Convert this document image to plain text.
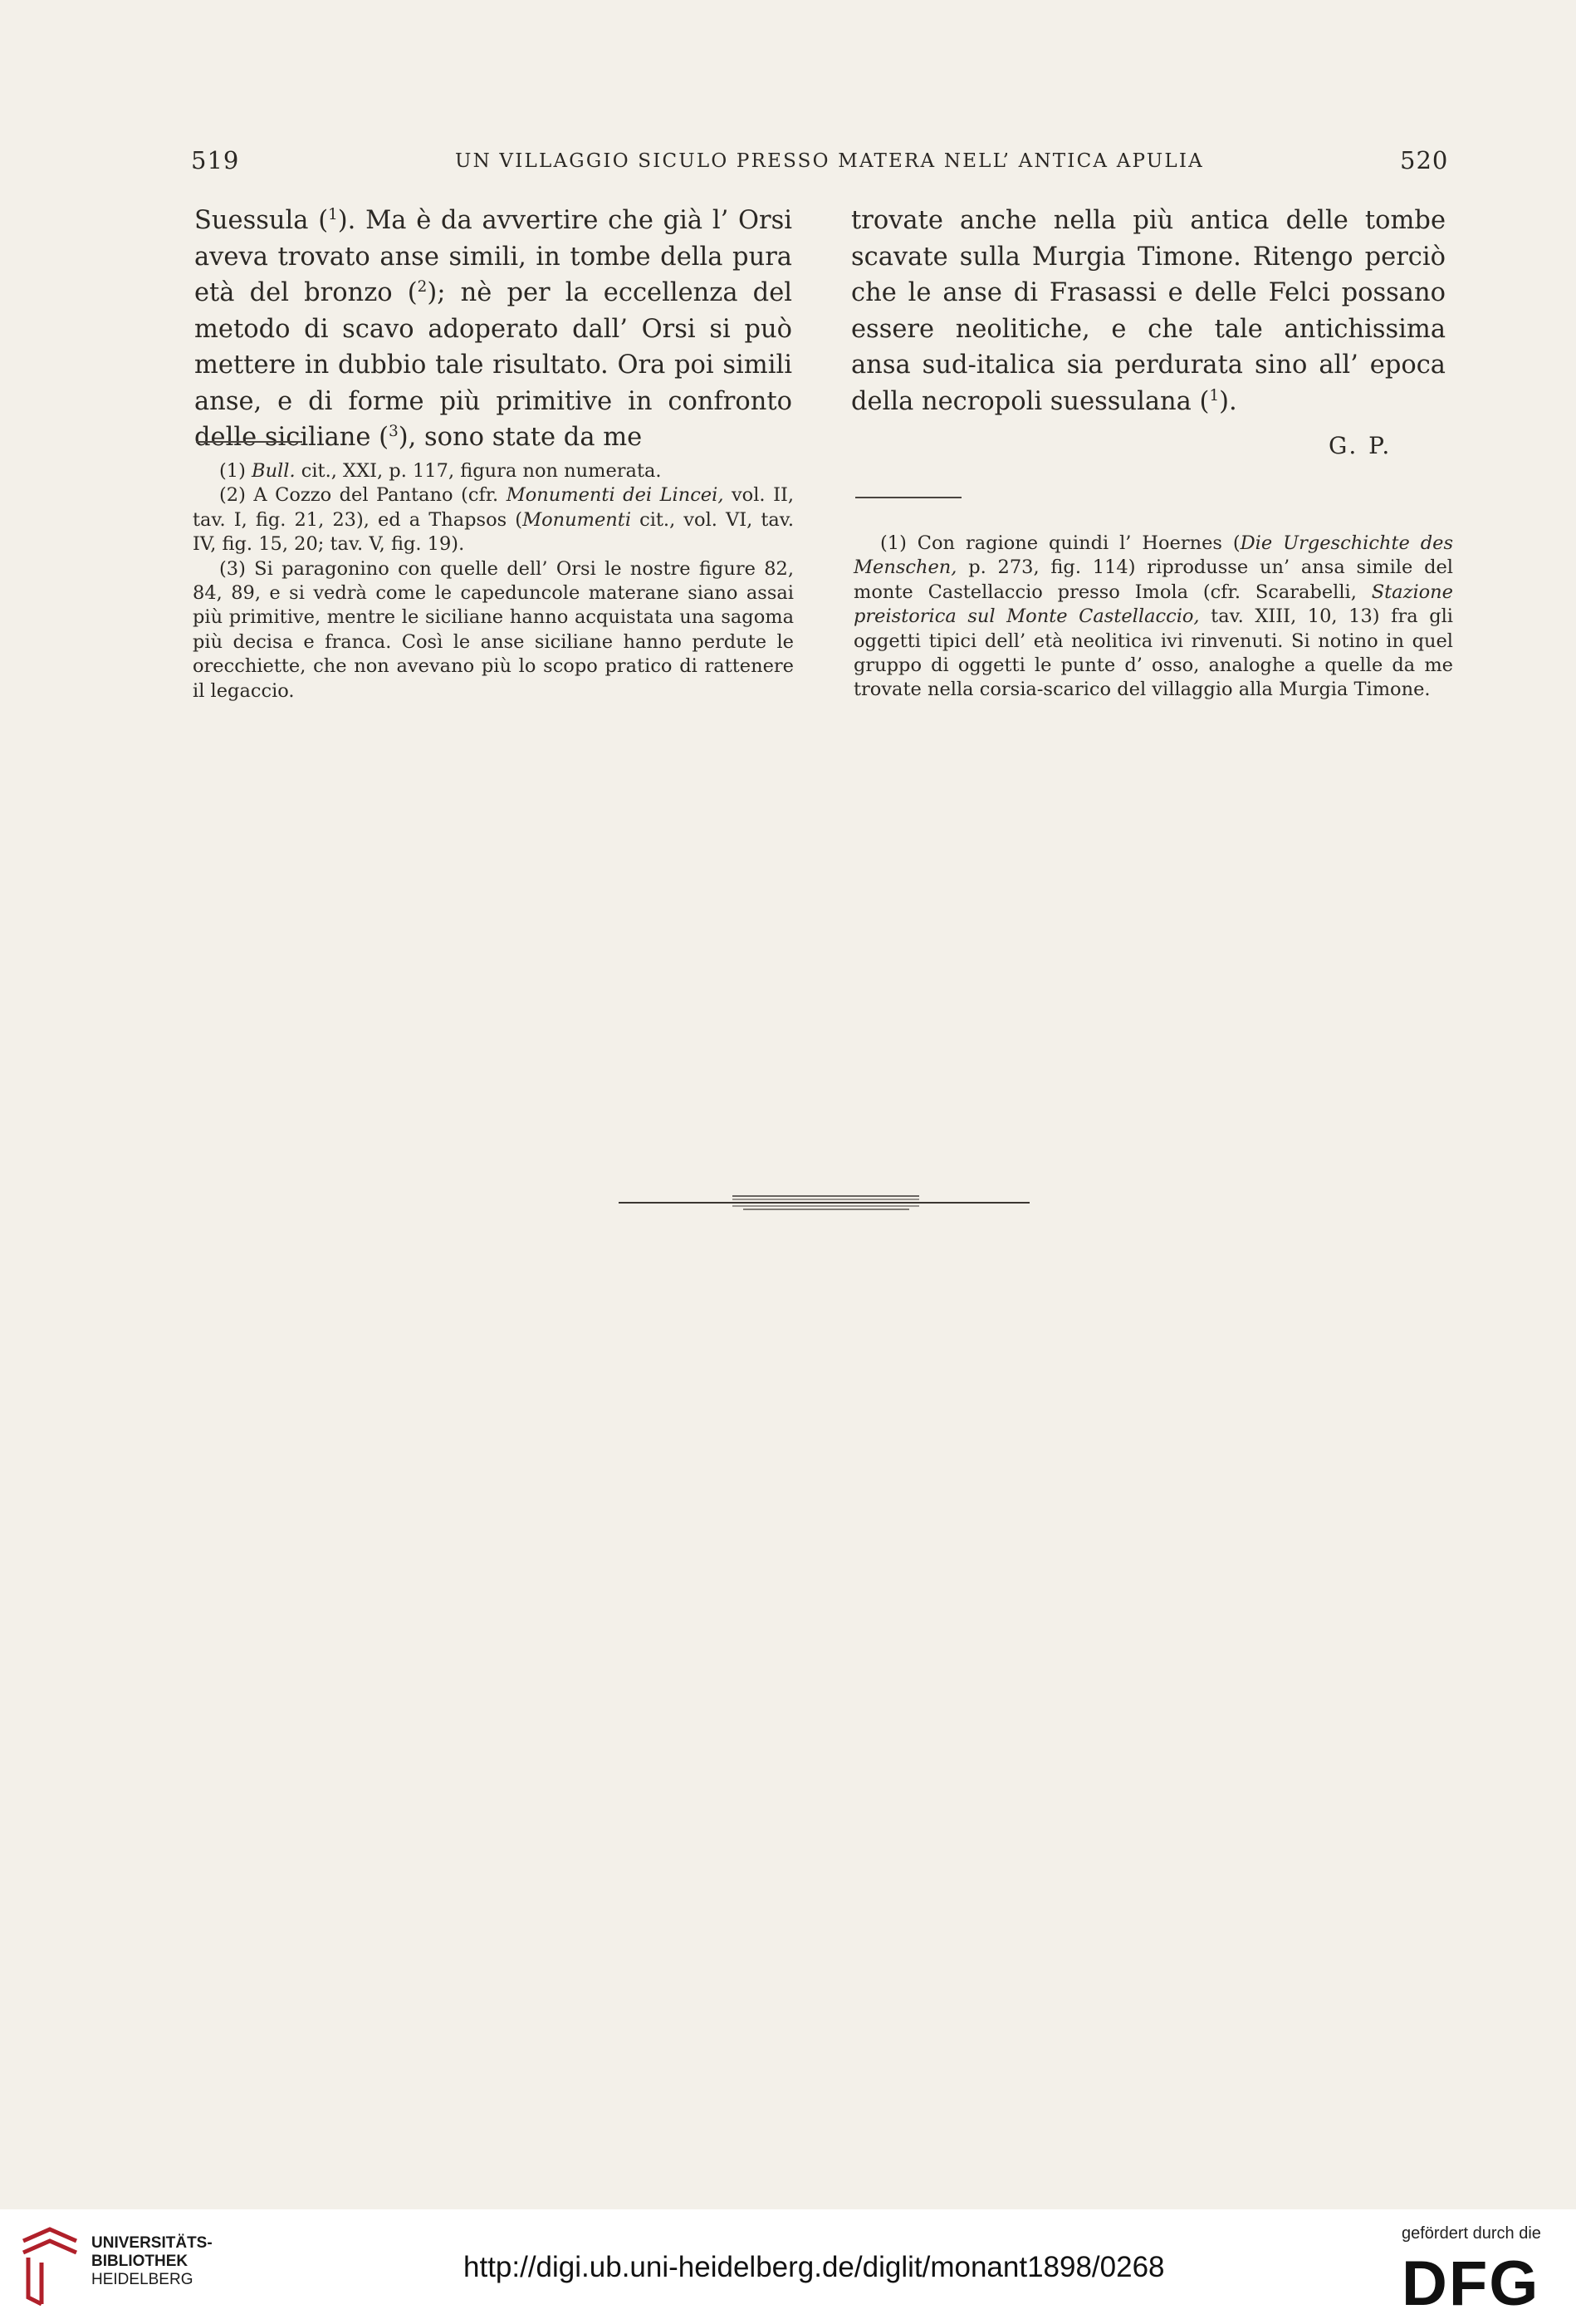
519	UN VILLAGGIO SICULO PRESSO MATERA NELL’ ANTICA APULIA	520

Suessula ($^1$). Ma è da avvertire che già l’ Orsi aveva trovato anse simili, in tombe della pura età del bronzo ($^2$); nè per la eccellenza del metodo di scavo adoperato dall’ Orsi si può mettere in dubbio tale risultato. Ora poi simili anse, e di forme più primitive in confronto delle siciliane ($^3$), sono state da me

trovate anche nella più antica delle tombe scavate sulla Murgia Timone. Ritengo perciò che le anse di Frasassi e delle Felci possano essere neolitiche, e che tale antichissima ansa sud-italica sia perdurata sino all’ epoca della necropoli suessulana ($^1$).

G. P.

(1) Bull. cit., XXI, p. 117, figura non numerata.

(2) A Cozzo del Pantano (cfr. Monumenti dei Lincei, vol. II, tav. I, fig. 21, 23), ed a Thapsos (Monumenti cit., vol. VI, tav. IV, fig. 15, 20; tav. V, fig. 19).

(3) Si paragonino con quelle dell’ Orsi le nostre figure 82, 84, 89, e si vedrà come le capeduncole materane siano assai più primitive, mentre le siciliane hanno acquistata una sagoma più decisa e franca. Così le anse siciliane hanno perdute le orecchiette, che non avevano più lo scopo pratico di rattenere il legaccio.

(1) Con ragione quindi l’ Hoernes (Die Urgeschichte des Menschen, p. 273, fig. 114) riprodusse un’ ansa simile del monte Castellaccio presso Imola (cfr. Scarabelli, Stazione preistorica sul Monte Castellaccio, tav. XIII, 10, 13) fra gli oggetti tipici dell’ età neolitica ivi rinvenuti. Si notino in quel gruppo di oggetti le punte d’ osso, analoghe a quelle da me trovate nella corsia-scarico del villaggio alla Murgia Timone.

UNIVERSITÄTS-
BIBLIOTHEK
HEIDELBERG	http://digi.ub.uni-heidelberg.de/diglit/monant1898/0268
gefördert durch die
DFG
